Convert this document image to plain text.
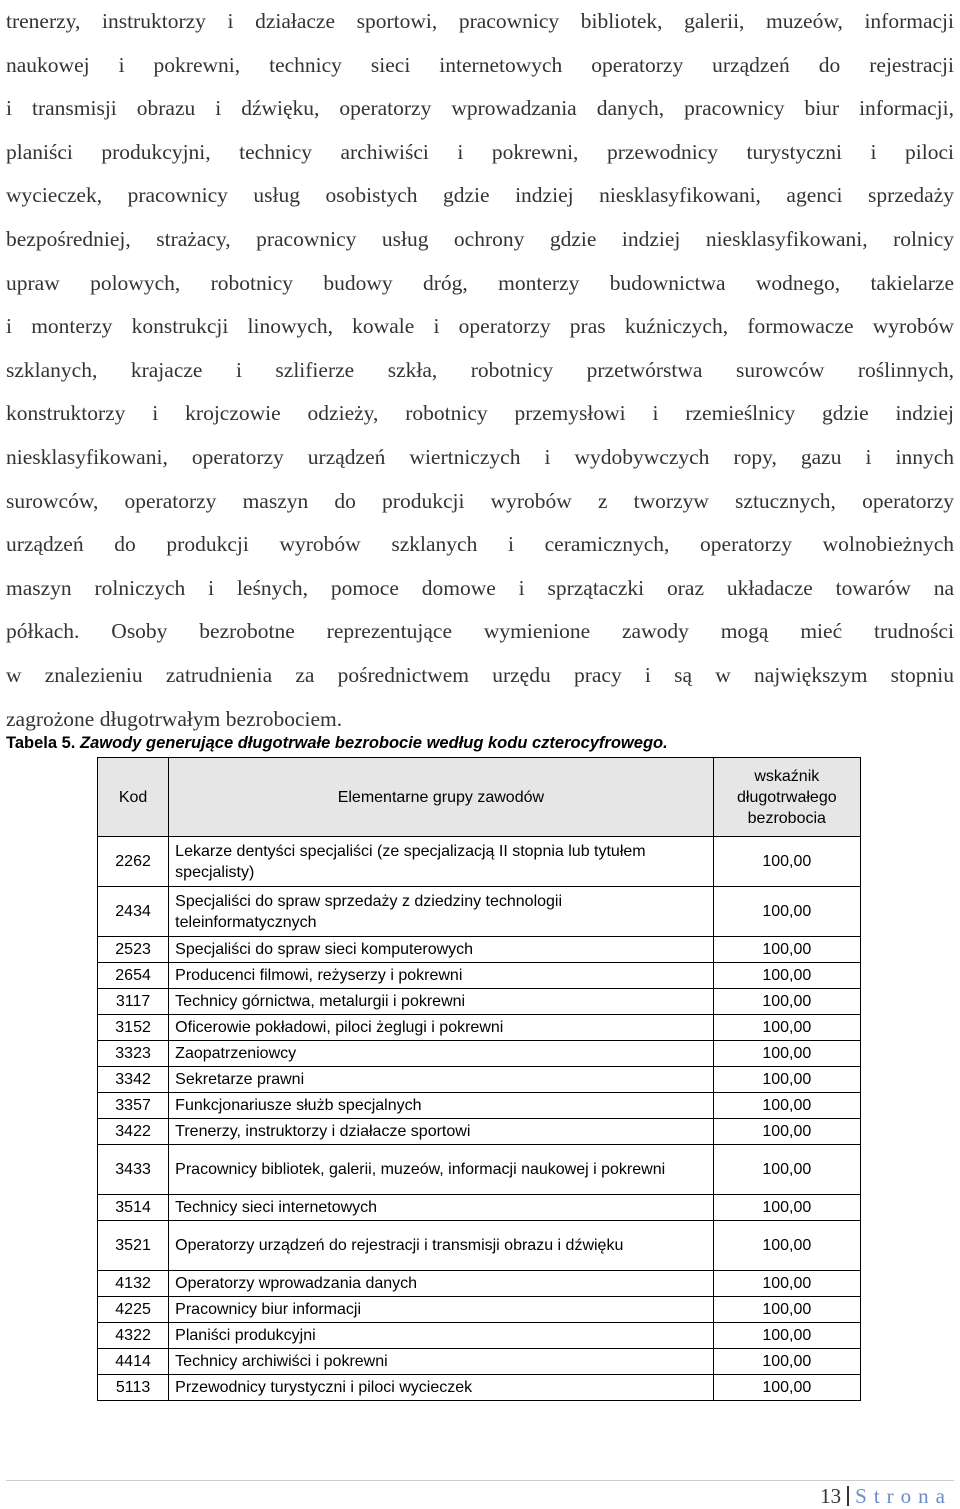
trenerzy, instruktorzy i działacze sportowi, pracownicy bibliotek, galerii, muzeów, informacji
naukowej i pokrewni, technicy sieci internetowych operatorzy urządzeń do rejestracji
i transmisji obrazu i dźwięku, operatorzy wprowadzania danych, pracownicy biur informacji,
planiści produkcyjni, technicy archiwiści i pokrewni, przewodnicy turystyczni i piloci
wycieczek, pracownicy usług osobistych gdzie indziej niesklasyfikowani, agenci sprzedaży
bezpośredniej, strażacy, pracownicy usług ochrony gdzie indziej niesklasyfikowani, rolnicy
upraw polowych, robotnicy budowy dróg, monterzy budownictwa wodnego, takielarze
i monterzy konstrukcji linowych, kowale i operatorzy pras kuźniczych, formowacze wyrobów
szklanych, krajacze i szlifierze szkła, robotnicy przetwórstwa surowców roślinnych,
konstruktorzy i krojczowie odzieży, robotnicy przemysłowi i rzemieślnicy gdzie indziej
niesklasyfikowani, operatorzy urządzeń wiertniczych i wydobywczych ropy, gazu i innych
surowców, operatorzy maszyn do produkcji wyrobów z tworzyw sztucznych, operatorzy
urządzeń do produkcji wyrobów szklanych i ceramicznych, operatorzy wolnobieżnych
maszyn rolniczych i leśnych, pomoce domowe i sprzątaczki oraz układacze towarów na
półkach. Osoby bezrobotne reprezentujące wymienione zawody mogą mieć trudności
w znalezieniu zatrudnienia za pośrednictwem urzędu pracy i są w największym stopniu
zagrożone długotrwałym bezrobociem.
Tabela 5. Zawody generujące długotrwałe bezrobocie według kodu czterocyfrowego.
Kod	Elementarne grupy zawodów	wskaźnik długotrwałego bezrobocia
2262	Lekarze dentyści specjaliści (ze specjalizacją II stopnia lub tytułem specjalisty)	100,00
2434	Specjaliści do spraw sprzedaży z dziedziny technologii teleinformatycznych	100,00
2523	Specjaliści do spraw sieci komputerowych	100,00
2654	Producenci filmowi, reżyserzy i pokrewni	100,00
3117	Technicy górnictwa, metalurgii i pokrewni	100,00
3152	Oficerowie pokładowi, piloci żeglugi i pokrewni	100,00
3323	Zaopatrzeniowcy	100,00
3342	Sekretarze prawni	100,00
3357	Funkcjonariusze służb specjalnych	100,00
3422	Trenerzy, instruktorzy i działacze sportowi	100,00
3433	Pracownicy bibliotek, galerii, muzeów, informacji naukowej i pokrewni	100,00
3514	Technicy sieci internetowych	100,00
3521	Operatorzy urządzeń do rejestracji i transmisji obrazu i dźwięku	100,00
4132	Operatorzy wprowadzania danych	100,00
4225	Pracownicy biur informacji	100,00
4322	Planiści produkcyjni	100,00
4414	Technicy archiwiści i pokrewni	100,00
5113	Przewodnicy turystyczni i piloci wycieczek	100,00
13 Strona
